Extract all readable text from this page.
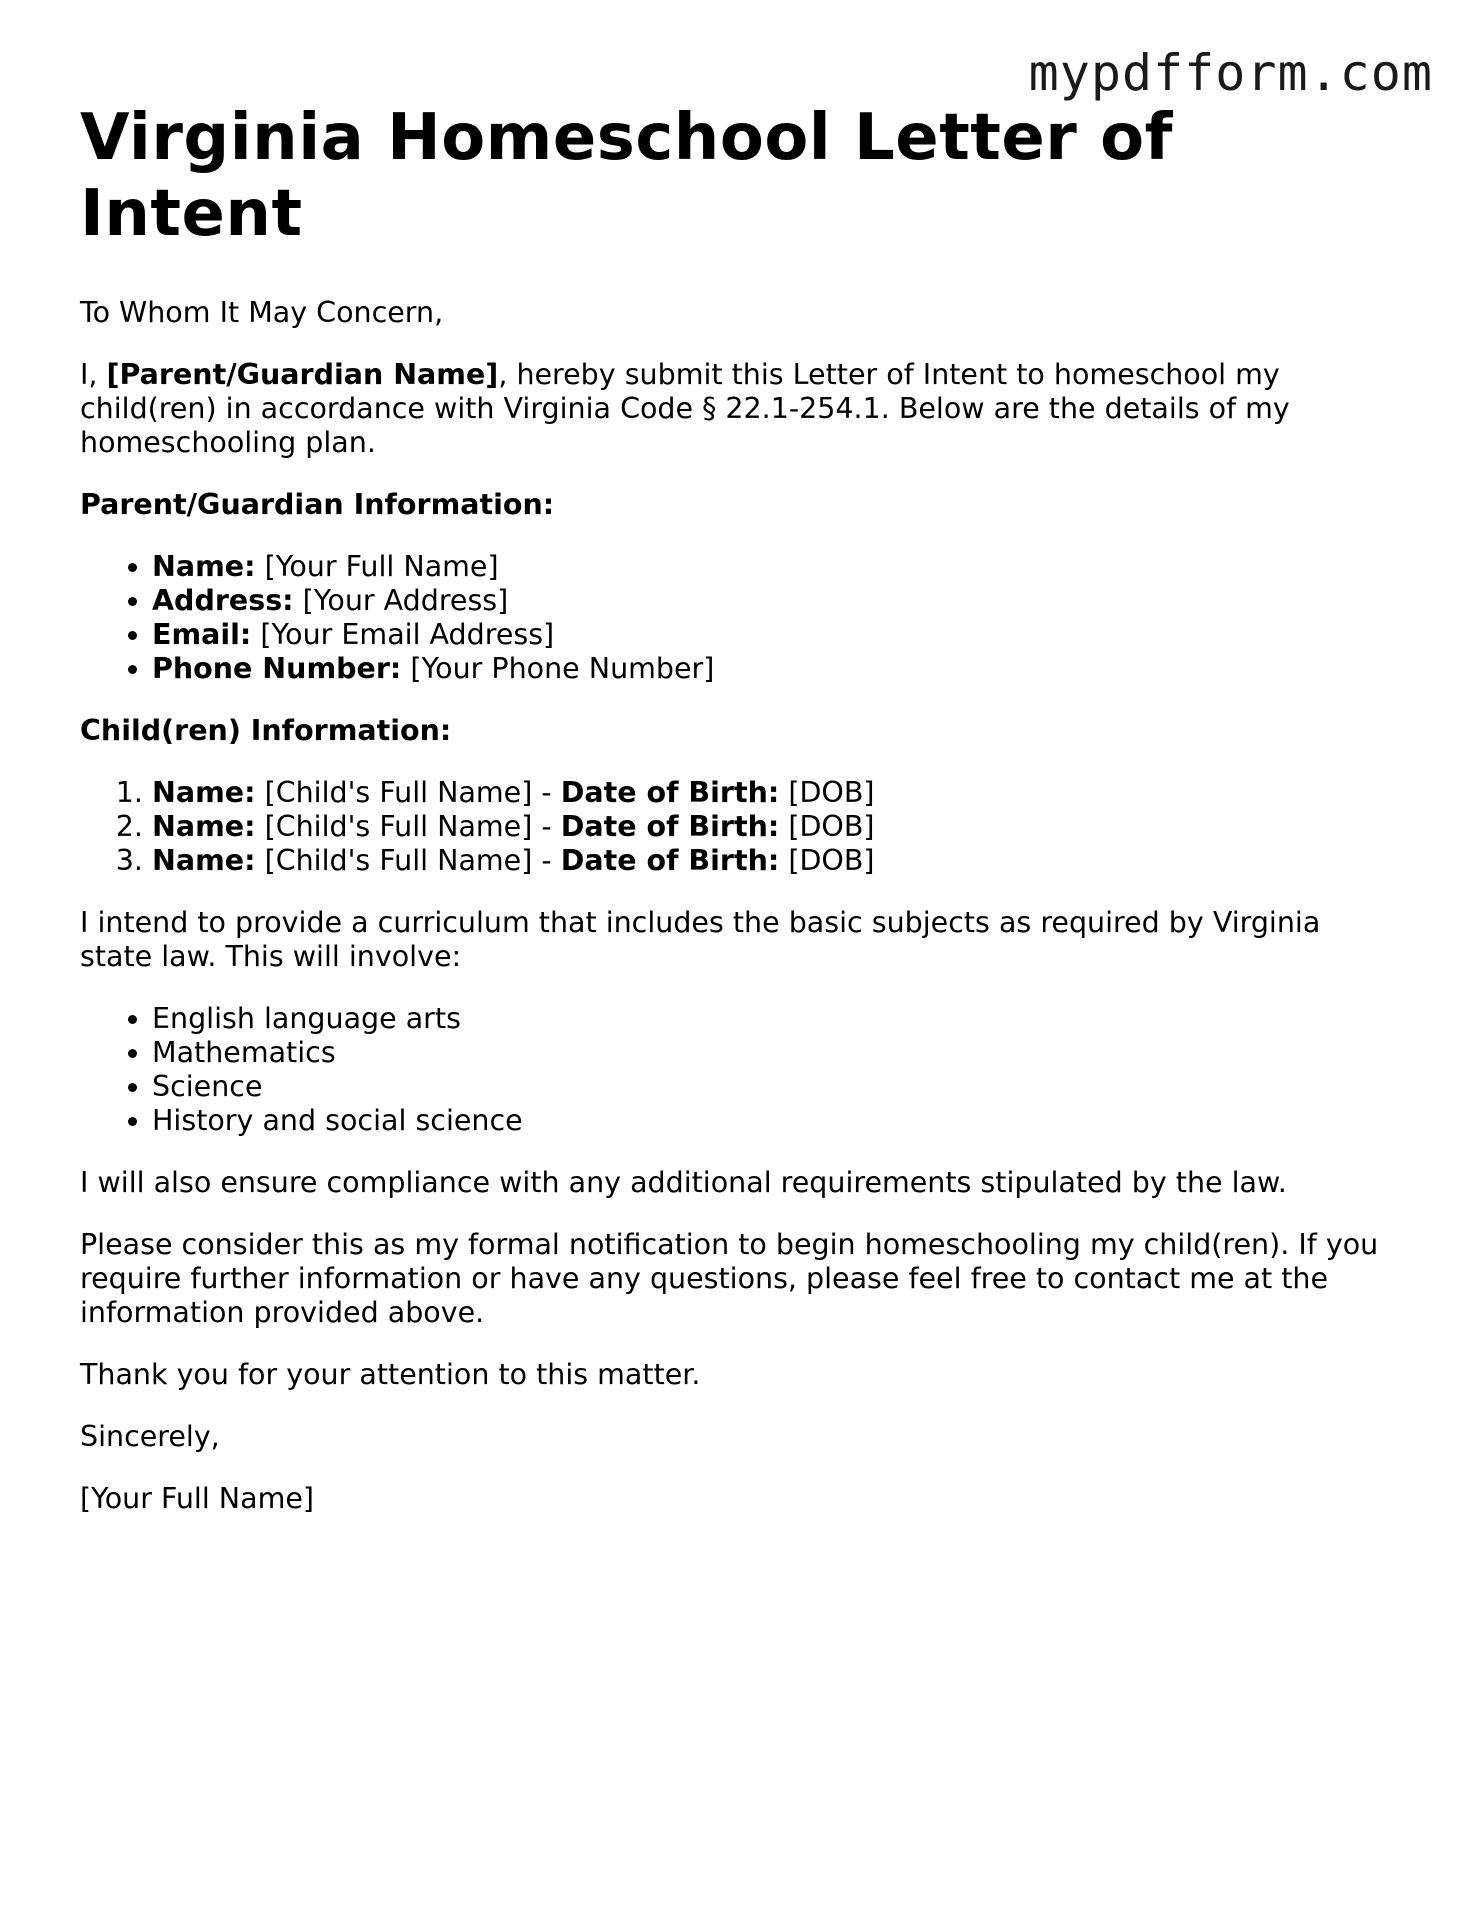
mypdfform.com
Virginia Homeschool Letter of Intent

To Whom It May Concern,

I, [Parent/Guardian Name], hereby submit this Letter of Intent to homeschool my child(ren) in accordance with Virginia Code § 22.1-254.1. Below are the details of my homeschooling plan.

Parent/Guardian Information:

• Name: [Your Full Name]
• Address: [Your Address]
• Email: [Your Email Address]
• Phone Number: [Your Phone Number]

Child(ren) Information:

1. Name: [Child's Full Name] - Date of Birth: [DOB]
2. Name: [Child's Full Name] - Date of Birth: [DOB]
3. Name: [Child's Full Name] - Date of Birth: [DOB]

I intend to provide a curriculum that includes the basic subjects as required by Virginia state law. This will involve:

• English language arts
• Mathematics
• Science
• History and social science

I will also ensure compliance with any additional requirements stipulated by the law.

Please consider this as my formal notification to begin homeschooling my child(ren). If you require further information or have any questions, please feel free to contact me at the information provided above.

Thank you for your attention to this matter.

Sincerely,

[Your Full Name]
